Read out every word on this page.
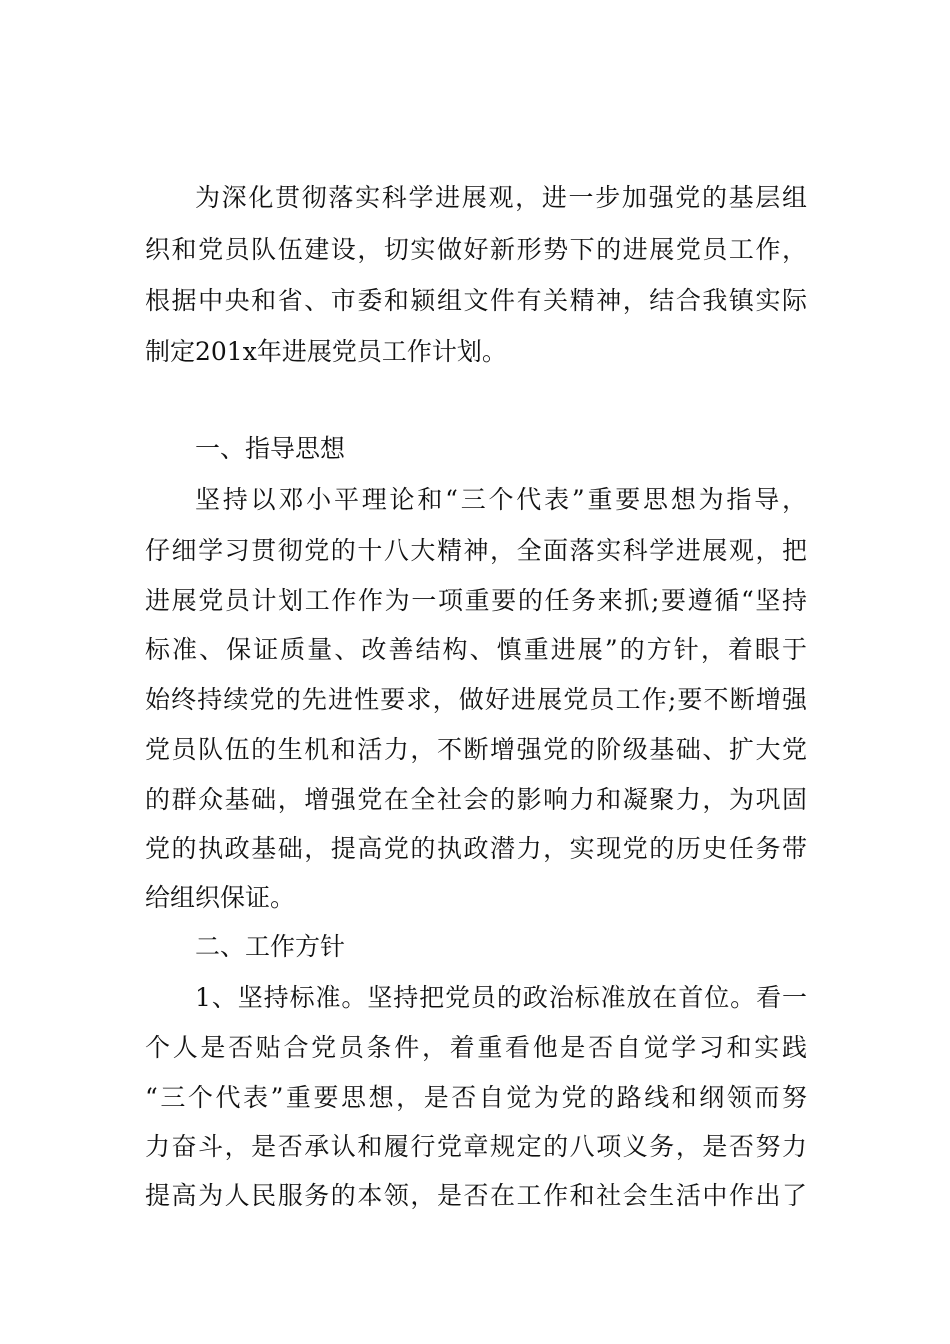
为深化贯彻落实科学进展观，进一步加强党的基层组
织和党员队伍建设，切实做好新形势下的进展党员工作，
根据中央和省、市委和颍组文件有关精神，结合我镇实际
制定201x年进展党员工作计划。
一、指导思想
坚持以邓小平理论和“三个代表”重要思想为指导，
仔细学习贯彻党的十八大精神，全面落实科学进展观，把
进展党员计划工作作为一项重要的任务来抓;要遵循“坚持
标准、保证质量、改善结构、慎重进展”的方针，着眼于
始终持续党的先进性要求，做好进展党员工作;要不断增强
党员队伍的生机和活力，不断增强党的阶级基础、扩大党
的群众基础，增强党在全社会的影响力和凝聚力，为巩固
党的执政基础，提高党的执政潜力，实现党的历史任务带
给组织保证。
二、工作方针
1、坚持标准。坚持把党员的政治标准放在首位。看一
个人是否贴合党员条件，着重看他是否自觉学习和实践
“三个代表”重要思想，是否自觉为党的路线和纲领而努
力奋斗，是否承认和履行党章规定的八项义务，是否努力
提高为人民服务的本领，是否在工作和社会生活中作出了
